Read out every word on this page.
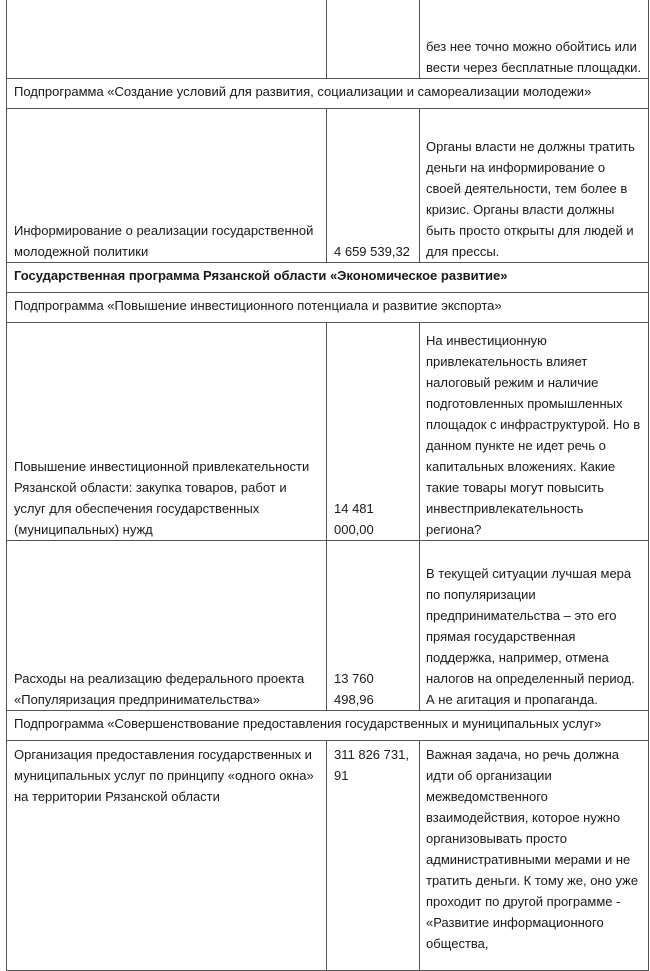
		без нее точно можно обойтись или вести через бесплатные площадки.

Подпрограмма «Создание условий для развития, социализации и самореализации молодежи»		

Информирование о реализации государственной молодежной политики	4 659 539,32	Органы власти не должны тратить деньги на информирование о своей деятельности, тем более в кризис. Органы власти должны быть просто открыты для людей и для прессы.

Государственная программа Рязанской области «Экономическое развитие»		
Подпрограмма «Повышение инвестиционного потенциала и развитие экспорта»		

Повышение инвестиционной привлекательности Рязанской области: закупка товаров, работ и услуг для обеспечения государственных (муниципальных) нужд	14 481 000,00	На инвестиционную привлекательность влияет налоговый режим и наличие подготовленных промышленных площадок с инфраструктурой. Но в данном пункте не идет речь о капитальных вложениях. Какие такие товары могут повысить инвестпривлекательность региона?

Расходы на реализацию федерального проекта «Популяризация предпринимательства»	13 760 498,96	В текущей ситуации лучшая мера по популяризации предпринимательства – это его прямая государственная поддержка, например, отмена налогов на определенный период. А не агитация и пропаганда.

Подпрограмма «Совершенствование предоставления государственных и муниципальных услуг»		

Организация предоставления государственных и муниципальных услуг по принципу «одного окна» на территории Рязанской области	311 826 731, 91	Важная задача, но речь должна идти об организации межведомственного взаимодействия, которое нужно организовывать просто административными мерами и не тратить деньги. К тому же, оно уже проходит по другой программе - «Развитие информационного общества,
